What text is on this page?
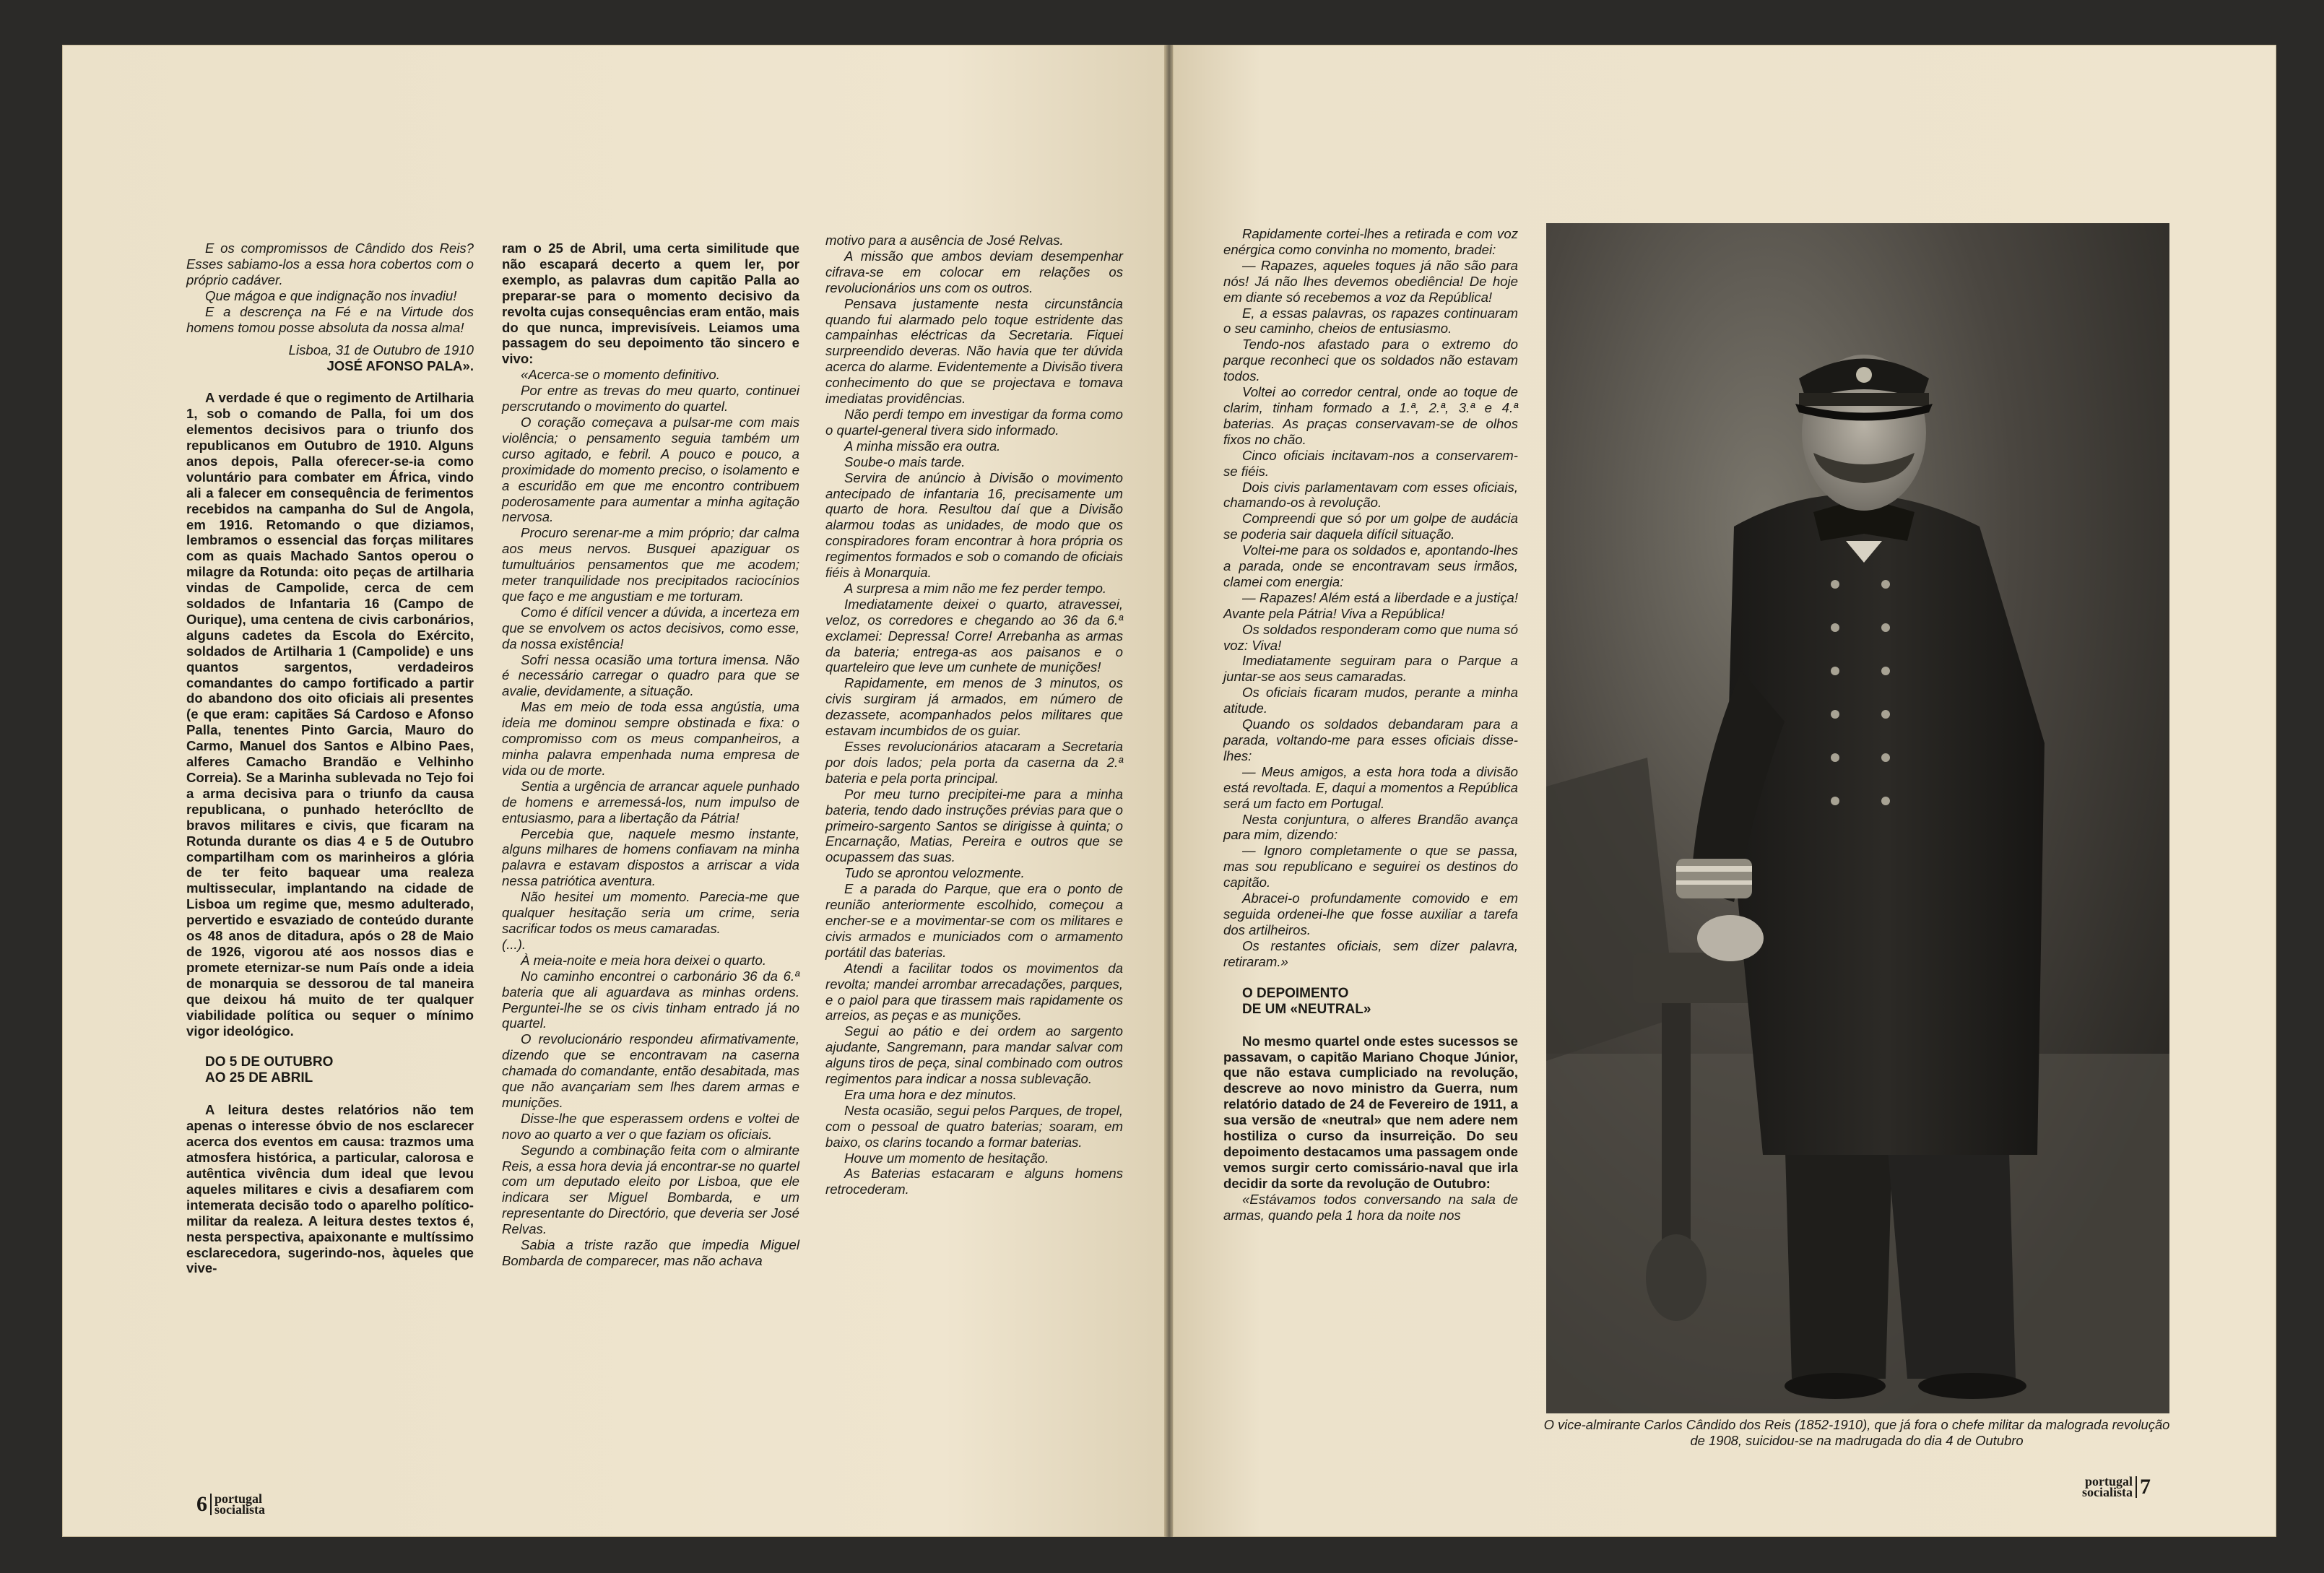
E os compromissos de Cândido dos Reis? Esses sabiamo-los a essa hora cobertos com o próprio cadáver.

Que mágoa e que indignação nos invadiu!

E a descrença na Fé e na Virtude dos homens tomou posse absoluta da nossa alma!

Lisboa, 31 de Outubro de 1910

JOSÉ AFONSO PALA».

A verdade é que o regimento de Artilharia 1, sob o comando de Palla, foi um dos elementos decisivos para o triunfo dos republicanos em Outubro de 1910. Alguns anos depois, Palla oferecer-se-ia como voluntário para combater em África, vindo ali a falecer em consequência de ferimentos recebidos na campanha do Sul de Angola, em 1916. Retomando o que diziamos, lembramos o essencial das forças militares com as quais Machado Santos operou o milagre da Rotunda: oito peças de artilharia vindas de Campolide, cerca de cem soldados de Infantaria 16 (Campo de Ourique), uma centena de civis carbonários, alguns cadetes da Escola do Exército, soldados de Artilharia 1 (Campolide) e uns quantos sargentos, verdadeiros comandantes do campo fortificado a partir do abandono dos oito oficiais ali presentes (e que eram: capitães Sá Cardoso e Afonso Palla, tenentes Pinto Garcia, Mauro do Carmo, Manuel dos Santos e Albino Paes, alferes Camacho Brandão e Velhinho Correia). Se a Marinha sublevada no Tejo foi a arma decisiva para o triunfo da causa republicana, o punhado heterócllto de bravos militares e civis, que ficaram na Rotunda durante os dias 4 e 5 de Outubro compartilham com os marinheiros a glória de ter feito baquear uma realeza multissecular, implantando na cidade de Lisboa um regime que, mesmo adulterado, pervertido e esvaziado de conteúdo durante os 48 anos de ditadura, após o 28 de Maio de 1926, vigorou até aos nossos dias e promete eternizar-se num País onde a ideia de monarquia se dessorou de tal maneira que deixou há muito de ter qualquer viabilidade política ou sequer o mínimo vigor ideológico.

DO 5 DE OUTUBRO

AO 25 DE ABRIL

A leitura destes relatórios não tem apenas o interesse óbvio de nos esclarecer acerca dos eventos em causa: trazmos uma atmosfera histórica, a particular, calorosa e autêntica vivência dum ideal que levou aqueles militares e civis a desafiarem com intemerata decisão todo o aparelho político-militar da realeza. A leitura destes textos é, nesta perspectiva, apaixonante e multíssimo esclarecedora, sugerindo-nos, àqueles que vive-

ram o 25 de Abril, uma certa similitude que não escapará decerto a quem ler, por exemplo, as palavras dum capitão Palla ao preparar-se para o momento decisivo da revolta cujas consequências eram então, mais do que nunca, imprevisíveis. Leiamos uma passagem do seu depoimento tão sincero e vivo:

«Acerca-se o momento definitivo.

Por entre as trevas do meu quarto, continuei perscrutando o movimento do quartel.

O coração começava a pulsar-me com mais violência; o pensamento seguia também um curso agitado, e febril. A pouco e pouco, a proximidade do momento preciso, o isolamento e a escuridão em que me encontro contribuem poderosamente para aumentar a minha agitação nervosa.

Procuro serenar-me a mim próprio; dar calma aos meus nervos. Busquei apaziguar os tumultuários pensamentos que me acodem; meter tranquilidade nos precipitados raciocínios que faço e me angustiam e me torturam.

Como é difícil vencer a dúvida, a incerteza em que se envolvem os actos decisivos, como esse, da nossa existência!

Sofri nessa ocasião uma tortura imensa. Não é necessário carregar o quadro para que se avalie, devidamente, a situação.

Mas em meio de toda essa angústia, uma ideia me dominou sempre obstinada e fixa: o compromisso com os meus companheiros, a minha palavra empenhada numa empresa de vida ou de morte.

Sentia a urgência de arrancar aquele punhado de homens e arremessá-los, num impulso de entusiasmo, para a libertação da Pátria!

Percebia que, naquele mesmo instante, alguns milhares de homens confiavam na minha palavra e estavam dispostos a arriscar a vida nessa patriótica aventura.

Não hesitei um momento. Parecia-me que qualquer hesitação seria um crime, seria sacrificar todos os meus camaradas.

(...).

À meia-noite e meia hora deixei o quarto.

No caminho encontrei o carbonário 36 da 6.ª bateria que ali aguardava as minhas ordens. Perguntei-lhe se os civis tinham entrado já no quartel.

O revolucionário respondeu afirmativamente, dizendo que se encontravam na caserna chamada do comandante, então desabitada, mas que não avançariam sem lhes darem armas e munições.

Disse-lhe que esperassem ordens e voltei de novo ao quarto a ver o que faziam os oficiais.

Segundo a combinação feita com o almirante Reis, a essa hora devia já encontrar-se no quartel com um deputado eleito por Lisboa, que ele indicara ser Miguel Bombarda, e um representante do Directório, que deveria ser José Relvas.

Sabia a triste razão que impedia Miguel Bombarda de comparecer, mas não achava

motivo para a ausência de José Relvas.

A missão que ambos deviam desempenhar cifrava-se em colocar em relações os revolucionários uns com os outros.

Pensava justamente nesta circunstância quando fui alarmado pelo toque estridente das campainhas eléctricas da Secretaria. Fiquei surpreendido deveras. Não havia que ter dúvida acerca do alarme. Evidentemente a Divisão tivera conhecimento do que se projectava e tomava imediatas providências.

Não perdi tempo em investigar da forma como o quartel-general tivera sido informado.

A minha missão era outra.

Soube-o mais tarde.

Servira de anúncio à Divisão o movimento antecipado de infantaria 16, precisamente um quarto de hora. Resultou daí que a Divisão alarmou todas as unidades, de modo que os conspiradores foram encontrar à hora própria os regimentos formados e sob o comando de oficiais fiéis à Monarquia.

A surpresa a mim não me fez perder tempo.

Imediatamente deixei o quarto, atravessei, veloz, os corredores e chegando ao 36 da 6.ª exclamei: Depressa! Corre! Arrebanha as armas da bateria; entrega-as aos paisanos e o quarteleiro que leve um cunhete de munições!

Rapidamente, em menos de 3 minutos, os civis surgiram já armados, em número de dezassete, acompanhados pelos militares que estavam incumbidos de os guiar.

Esses revolucionários atacaram a Secretaria por dois lados; pela porta da caserna da 2.ª bateria e pela porta principal.

Por meu turno precipitei-me para a minha bateria, tendo dado instruções prévias para que o primeiro-sargento Santos se dirigisse à quinta; o Encarnação, Matias, Pereira e outros que se ocupassem das suas.

Tudo se aprontou velozmente.

E a parada do Parque, que era o ponto de reunião anteriormente escolhido, começou a encher-se e a movimentar-se com os militares e civis armados e municiados com o armamento portátil das baterias.

Atendi a facilitar todos os movimentos da revolta; mandei arrombar arrecadações, parques, e o paiol para que tirassem mais rapidamente os arreios, as peças e as munições.

Segui ao pátio e dei ordem ao sargento ajudante, Sangremann, para mandar salvar com alguns tiros de peça, sinal combinado com outros regimentos para indicar a nossa sublevação.

Era uma hora e dez minutos.

Nesta ocasião, segui pelos Parques, de tropel, com o pessoal de quatro baterias; soaram, em baixo, os clarins tocando a formar baterias.

Houve um momento de hesitação.

As Baterias estacaram e alguns homens retrocederam.

6 portugal
socialista

Rapidamente cortei-lhes a retirada e com voz enérgica como convinha no momento, bradei:

— Rapazes, aqueles toques já não são para nós! Já não lhes devemos obediência! De hoje em diante só recebemos a voz da República!

E, a essas palavras, os rapazes continuaram o seu caminho, cheios de entusiasmo.

Tendo-nos afastado para o extremo do parque reconheci que os soldados não estavam todos.

Voltei ao corredor central, onde ao toque de clarim, tinham formado a 1.ª, 2.ª, 3.ª e 4.ª baterias. As praças conservavam-se de olhos fixos no chão.

Cinco oficiais incitavam-nos a conservarem-se fiéis.

Dois civis parlamentavam com esses oficiais, chamando-os à revolução.

Compreendi que só por um golpe de audácia se poderia sair daquela difícil situação.

Voltei-me para os soldados e, apontando-lhes a parada, onde se encontravam seus irmãos, clamei com energia:

— Rapazes! Além está a liberdade e a justiça! Avante pela Pátria! Viva a República!

Os soldados responderam como que numa só voz: Viva!

Imediatamente seguiram para o Parque a juntar-se aos seus camaradas.

Os oficiais ficaram mudos, perante a minha atitude.

Quando os soldados debandaram para a parada, voltando-me para esses oficiais disse-lhes:

— Meus amigos, a esta hora toda a divisão está revoltada. E, daqui a momentos a República será um facto em Portugal.

Nesta conjuntura, o alferes Brandão avança para mim, dizendo:

— Ignoro completamente o que se passa, mas sou republicano e seguirei os destinos do capitão.

Abracei-o profundamente comovido e em seguida ordenei-lhe que fosse auxiliar a tarefa dos artilheiros.

Os restantes oficiais, sem dizer palavra, retiraram.»

O DEPOIMENTO

DE UM «NEUTRAL»

No mesmo quartel onde estes sucessos se passavam, o capitão Mariano Choque Júnior, que não estava cumpliciado na revolução, descreve ao novo ministro da Guerra, num relatório datado de 24 de Fevereiro de 1911, a sua versão de «neutral» que nem adere nem hostiliza o curso da insurreição. Do seu depoimento destacamos uma passagem onde vemos surgir certo comissário-naval que irla decidir da sorte da revolução de Outubro:

«Estávamos todos conversando na sala de armas, quando pela 1 hora da noite nos

O vice-almirante Carlos Cândido dos Reis (1852-1910), que já fora o chefe militar da malograda revolução de 1908, suicidou-se na madrugada do dia 4 de Outubro
portugal
socialista 7
